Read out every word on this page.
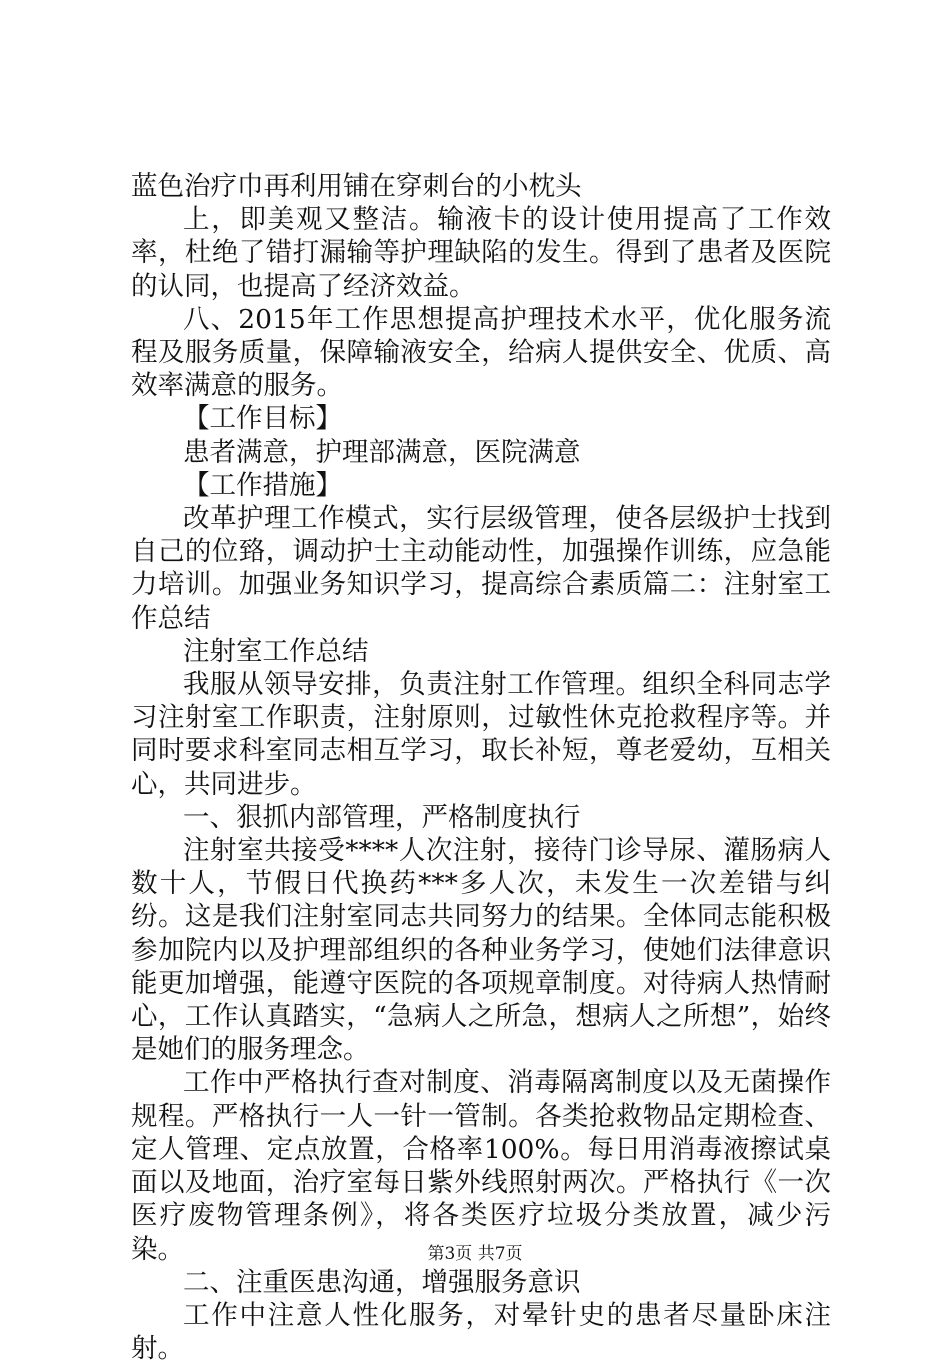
蓝色治疗巾再利用铺在穿刺台的小枕头

上，即美观又整洁。输液卡的设计使用提高了工作效率，杜绝了错打漏输等护理缺陷的发生。得到了患者及医院的认同，也提高了经济效益。

八、2015年工作思想提高护理技术水平，优化服务流程及服务质量，保障输液安全，给病人提供安全、优质、高效率满意的服务。

【工作目标】

患者满意，护理部满意，医院满意

【工作措施】

改革护理工作模式，实行层级管理，使各层级护士找到自己的位臵，调动护士主动能动性，加强操作训练，应急能力培训。加强业务知识学习，提高综合素质篇二：注射室工作总结

注射室工作总结

我服从领导安排，负责注射工作管理。组织全科同志学习注射室工作职责，注射原则，过敏性休克抢救程序等。并同时要求科室同志相互学习，取长补短，尊老爱幼，互相关心，共同进步。

一、狠抓内部管理，严格制度执行

注射室共接受****人次注射，接待门诊导尿、灌肠病人数十人，节假日代换药***多人次，未发生一次差错与纠纷。这是我们注射室同志共同努力的结果。全体同志能积极参加院内以及护理部组织的各种业务学习，使她们法律意识能更加增强，能遵守医院的各项规章制度。对待病人热情耐心，工作认真踏实，“急病人之所急，想病人之所想”，始终是她们的服务理念。

工作中严格执行查对制度、消毒隔离制度以及无菌操作规程。严格执行一人一针一管制。各类抢救物品定期检查、定人管理、定点放置，合格率100%。每日用消毒液擦试桌面以及地面，治疗室每日紫外线照射两次。严格执行《一次医疗废物管理条例》，将各类医疗垃圾分类放置，减少污染。

二、注重医患沟通，增强服务意识

工作中注意人性化服务，对晕针史的患者尽量卧床注射。

第3页 共7页
